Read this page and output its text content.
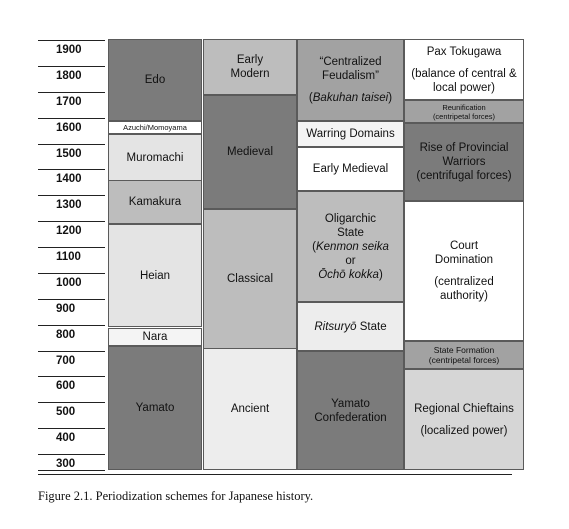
1900
1800
1700
1600
1500
1400
1300
1200
1100
1000
900
800
700
600
500
400
300
Edo
Azuchi/Momoyama
Muromachi
Kamakura
Heian
Nara
Yamato
Early
Modern
Medieval
Classical
Ancient
“Centralized
Feudalism”
(Bakuhan taisei)
Warring Domains
Early Medieval
Oligarchic
State
(Kenmon seika
or
Ōchō kokka)
Ritsuryō State
Yamato
Confederation
Pax Tokugawa
(balance of central &
local power)
Reunification
(centripetal forces)
Rise of Provincial
Warriors
(centrifugal forces)
Court
Domination
(centralized
authority)
State Formation
(centripetal forces)
Regional Chieftains
(localized power)
Figure 2.1. Periodization schemes for Japanese history.
